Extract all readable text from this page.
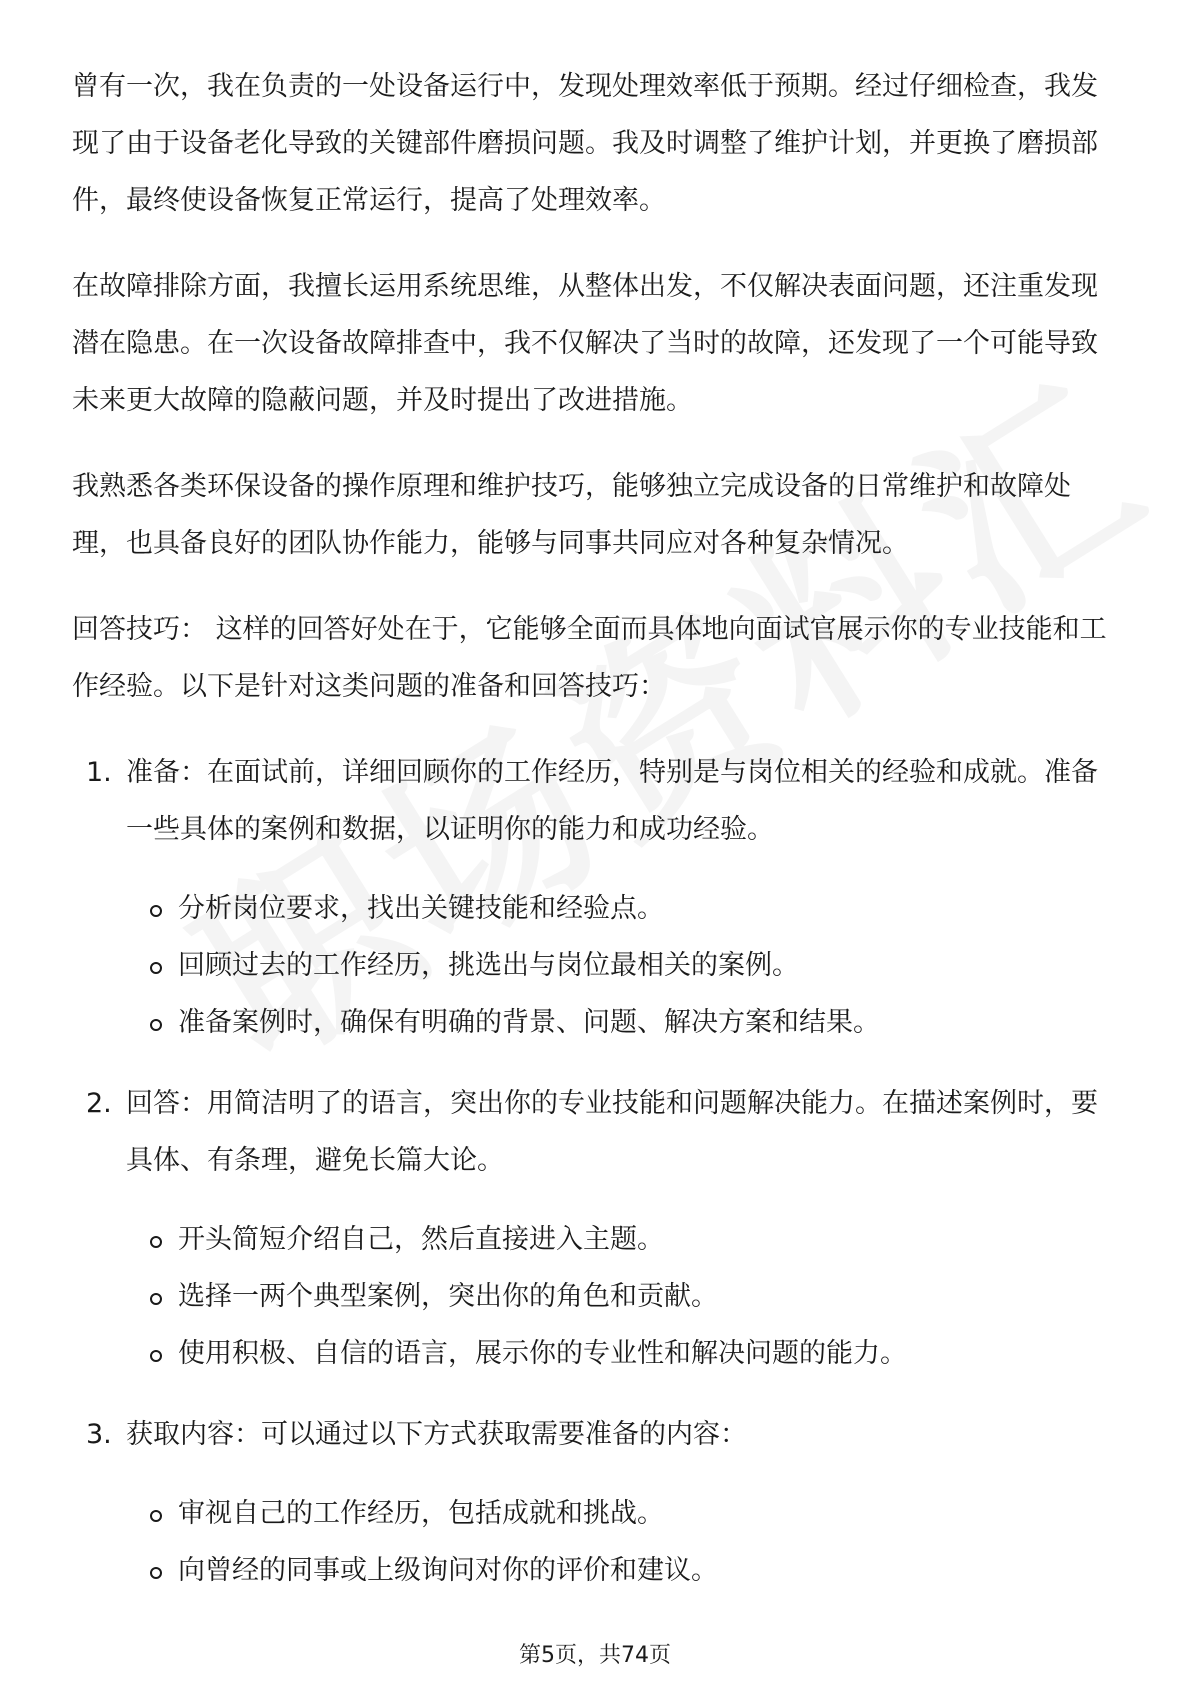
曾有一次，我在负责的一处设备运行中，发现处理效率低于预期。经过仔细检查，我发现了由于设备老化导致的关键部件磨损问题。我及时调整了维护计划，并更换了磨损部件，最终使设备恢复正常运行，提高了处理效率。

在故障排除方面，我擅长运用系统思维，从整体出发，不仅解决表面问题，还注重发现潜在隐患。在一次设备故障排查中，我不仅解决了当时的故障，还发现了一个可能导致未来更大故障的隐蔽问题，并及时提出了改进措施。

我熟悉各类环保设备的操作原理和维护技巧，能够独立完成设备的日常维护和故障处理，也具备良好的团队协作能力，能够与同事共同应对各种复杂情况。

回答技巧： 这样的回答好处在于，它能够全面而具体地向面试官展示你的专业技能和工作经验。以下是针对这类问题的准备和回答技巧：

1. 准备：在面试前，详细回顾你的工作经历，特别是与岗位相关的经验和成就。准备一些具体的案例和数据，以证明你的能力和成功经验。
分析岗位要求，找出关键技能和经验点。
回顾过去的工作经历，挑选出与岗位最相关的案例。
准备案例时，确保有明确的背景、问题、解决方案和结果。
2. 回答：用简洁明了的语言，突出你的专业技能和问题解决能力。在描述案例时，要具体、有条理，避免长篇大论。
开头简短介绍自己，然后直接进入主题。
选择一两个典型案例，突出你的角色和贡献。
使用积极、自信的语言，展示你的专业性和解决问题的能力。
3. 获取内容：可以通过以下方式获取需要准备的内容：
审视自己的工作经历，包括成就和挑战。
向曾经的同事或上级询问对你的评价和建议。
第5页，共74页
